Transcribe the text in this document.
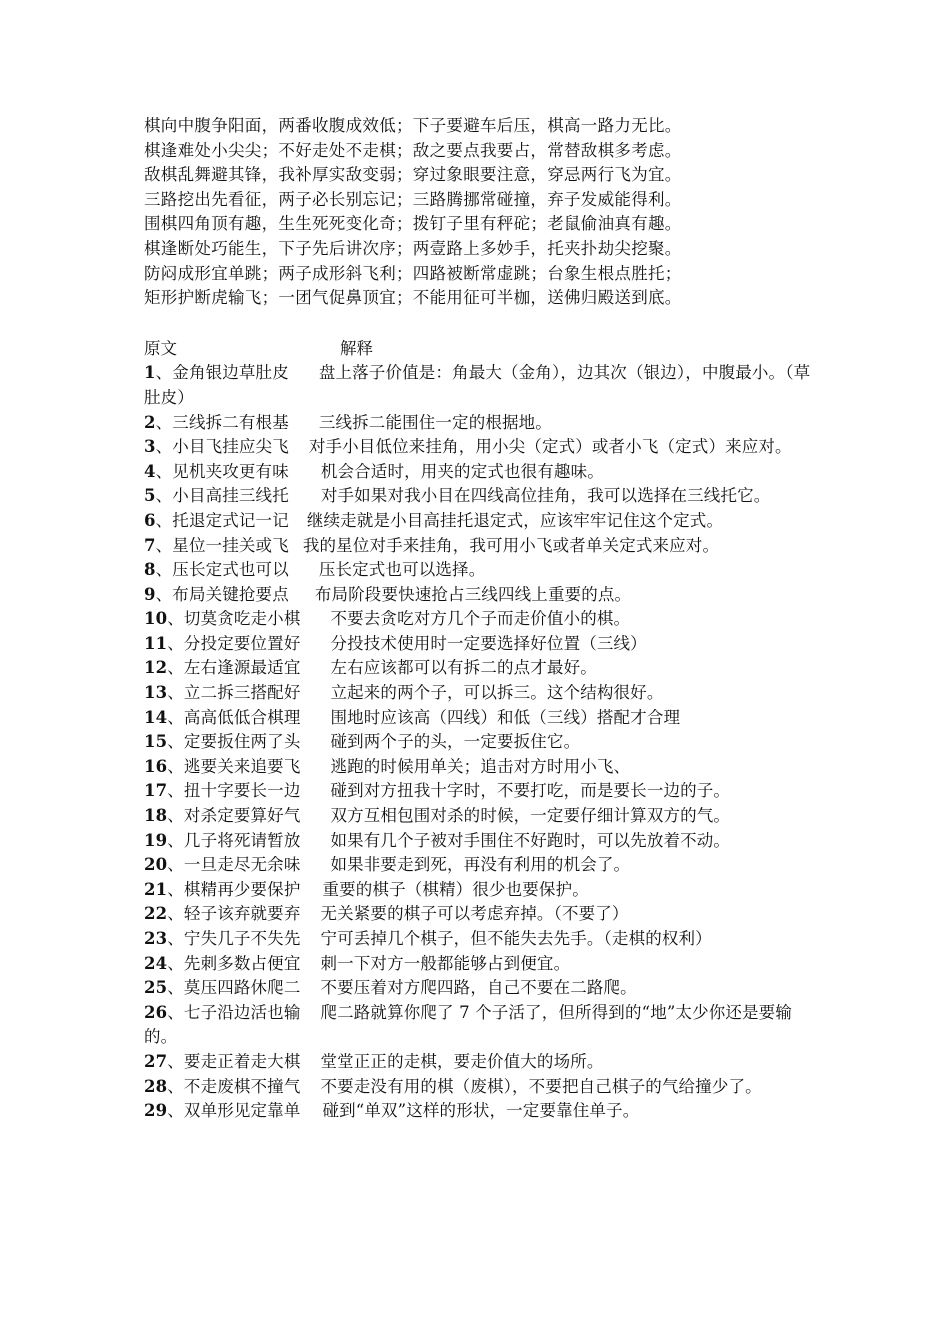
棋向中腹争阳面，两番收腹成效低；下子要避车后压，棋高一路力无比。
棋逢难处小尖尖；不好走处不走棋；敌之要点我要占，常替敌棋多考虑。
敌棋乱舞避其锋，我补厚实敌变弱；穿过象眼要注意，穿忌两行飞为宜。
三路挖出先看征，两子必长别忘记；三路腾挪常碰撞，弃子发威能得利。
围棋四角顶有趣，生生死死变化奇；拨钉子里有秤砣；老鼠偷油真有趣。
棋逢断处巧能生，下子先后讲次序；两壹路上多妙手，托夹扑劫尖挖聚。
防闷成形宜单跳；两子成形斜飞利；四路被断常虚跳；台象生根点胜托；
矩形护断虎输飞；一团气促鼻顶宜；不能用征可半枷，送佛归殿送到底。
原文	解释
1、金角银边草肚皮 盘上落子价值是：角最大（金角），边其次（银边），中腹最小。（草肚皮）
2、三线拆二有根基 三线拆二能围住一定的根据地。
3、小目飞挂应尖飞 对手小目低位来挂角，用小尖（定式）或者小飞（定式）来应对。
4、见机夹攻更有味 机会合适时，用夹的定式也很有趣味。
5、小目高挂三线托 对手如果对我小目在四线高位挂角，我可以选择在三线托它。
6、托退定式记一记 继续走就是小目高挂托退定式，应该牢牢记住这个定式。
7、星位一挂关或飞 我的星位对手来挂角，我可用小飞或者单关定式来应对。
8、压长定式也可以 压长定式也可以选择。
9、布局关键抢要点 布局阶段要快速抢占三线四线上重要的点。
10、切莫贪吃走小棋 不要去贪吃对方几个子而走价值小的棋。
11、分投定要位置好 分投技术使用时一定要选择好位置（三线）
12、左右逢源最适宜 左右应该都可以有拆二的点才最好。
13、立二拆三搭配好 立起来的两个子，可以拆三。这个结构很好。
14、高高低低合棋理 围地时应该高（四线）和低（三线）搭配才合理
15、定要扳住两了头 碰到两个子的头，一定要扳住它。
16、逃要关来追要飞 逃跑的时候用单关；追击对方时用小飞、
17、扭十字要长一边 碰到对方扭我十字时，不要打吃，而是要长一边的子。
18、对杀定要算好气 双方互相包围对杀的时候，一定要仔细计算双方的气。
19、几子将死请暂放 如果有几个子被对手围住不好跑时，可以先放着不动。
20、一旦走尽无余味 如果非要走到死，再没有利用的机会了。
21、棋精再少要保护 重要的棋子（棋精）很少也要保护。
22、轻子该弃就要弃 无关紧要的棋子可以考虑弃掉。（不要了）
23、宁失几子不失先 宁可丢掉几个棋子，但不能失去先手。（走棋的权利）
24、先刺多数占便宜 刺一下对方一般都能够占到便宜。
25、莫压四路休爬二 不要压着对方爬四路，自己不要在二路爬。
26、七子沿边活也输 爬二路就算你爬了 7 个子活了，但所得到的“地”太少你还是要输的。
27、要走正着走大棋 堂堂正正的走棋，要走价值大的场所。
28、不走废棋不撞气 不要走没有用的棋（废棋），不要把自己棋子的气给撞少了。
29、双单形见定靠单 碰到“单双”这样的形状，一定要靠住单子。
